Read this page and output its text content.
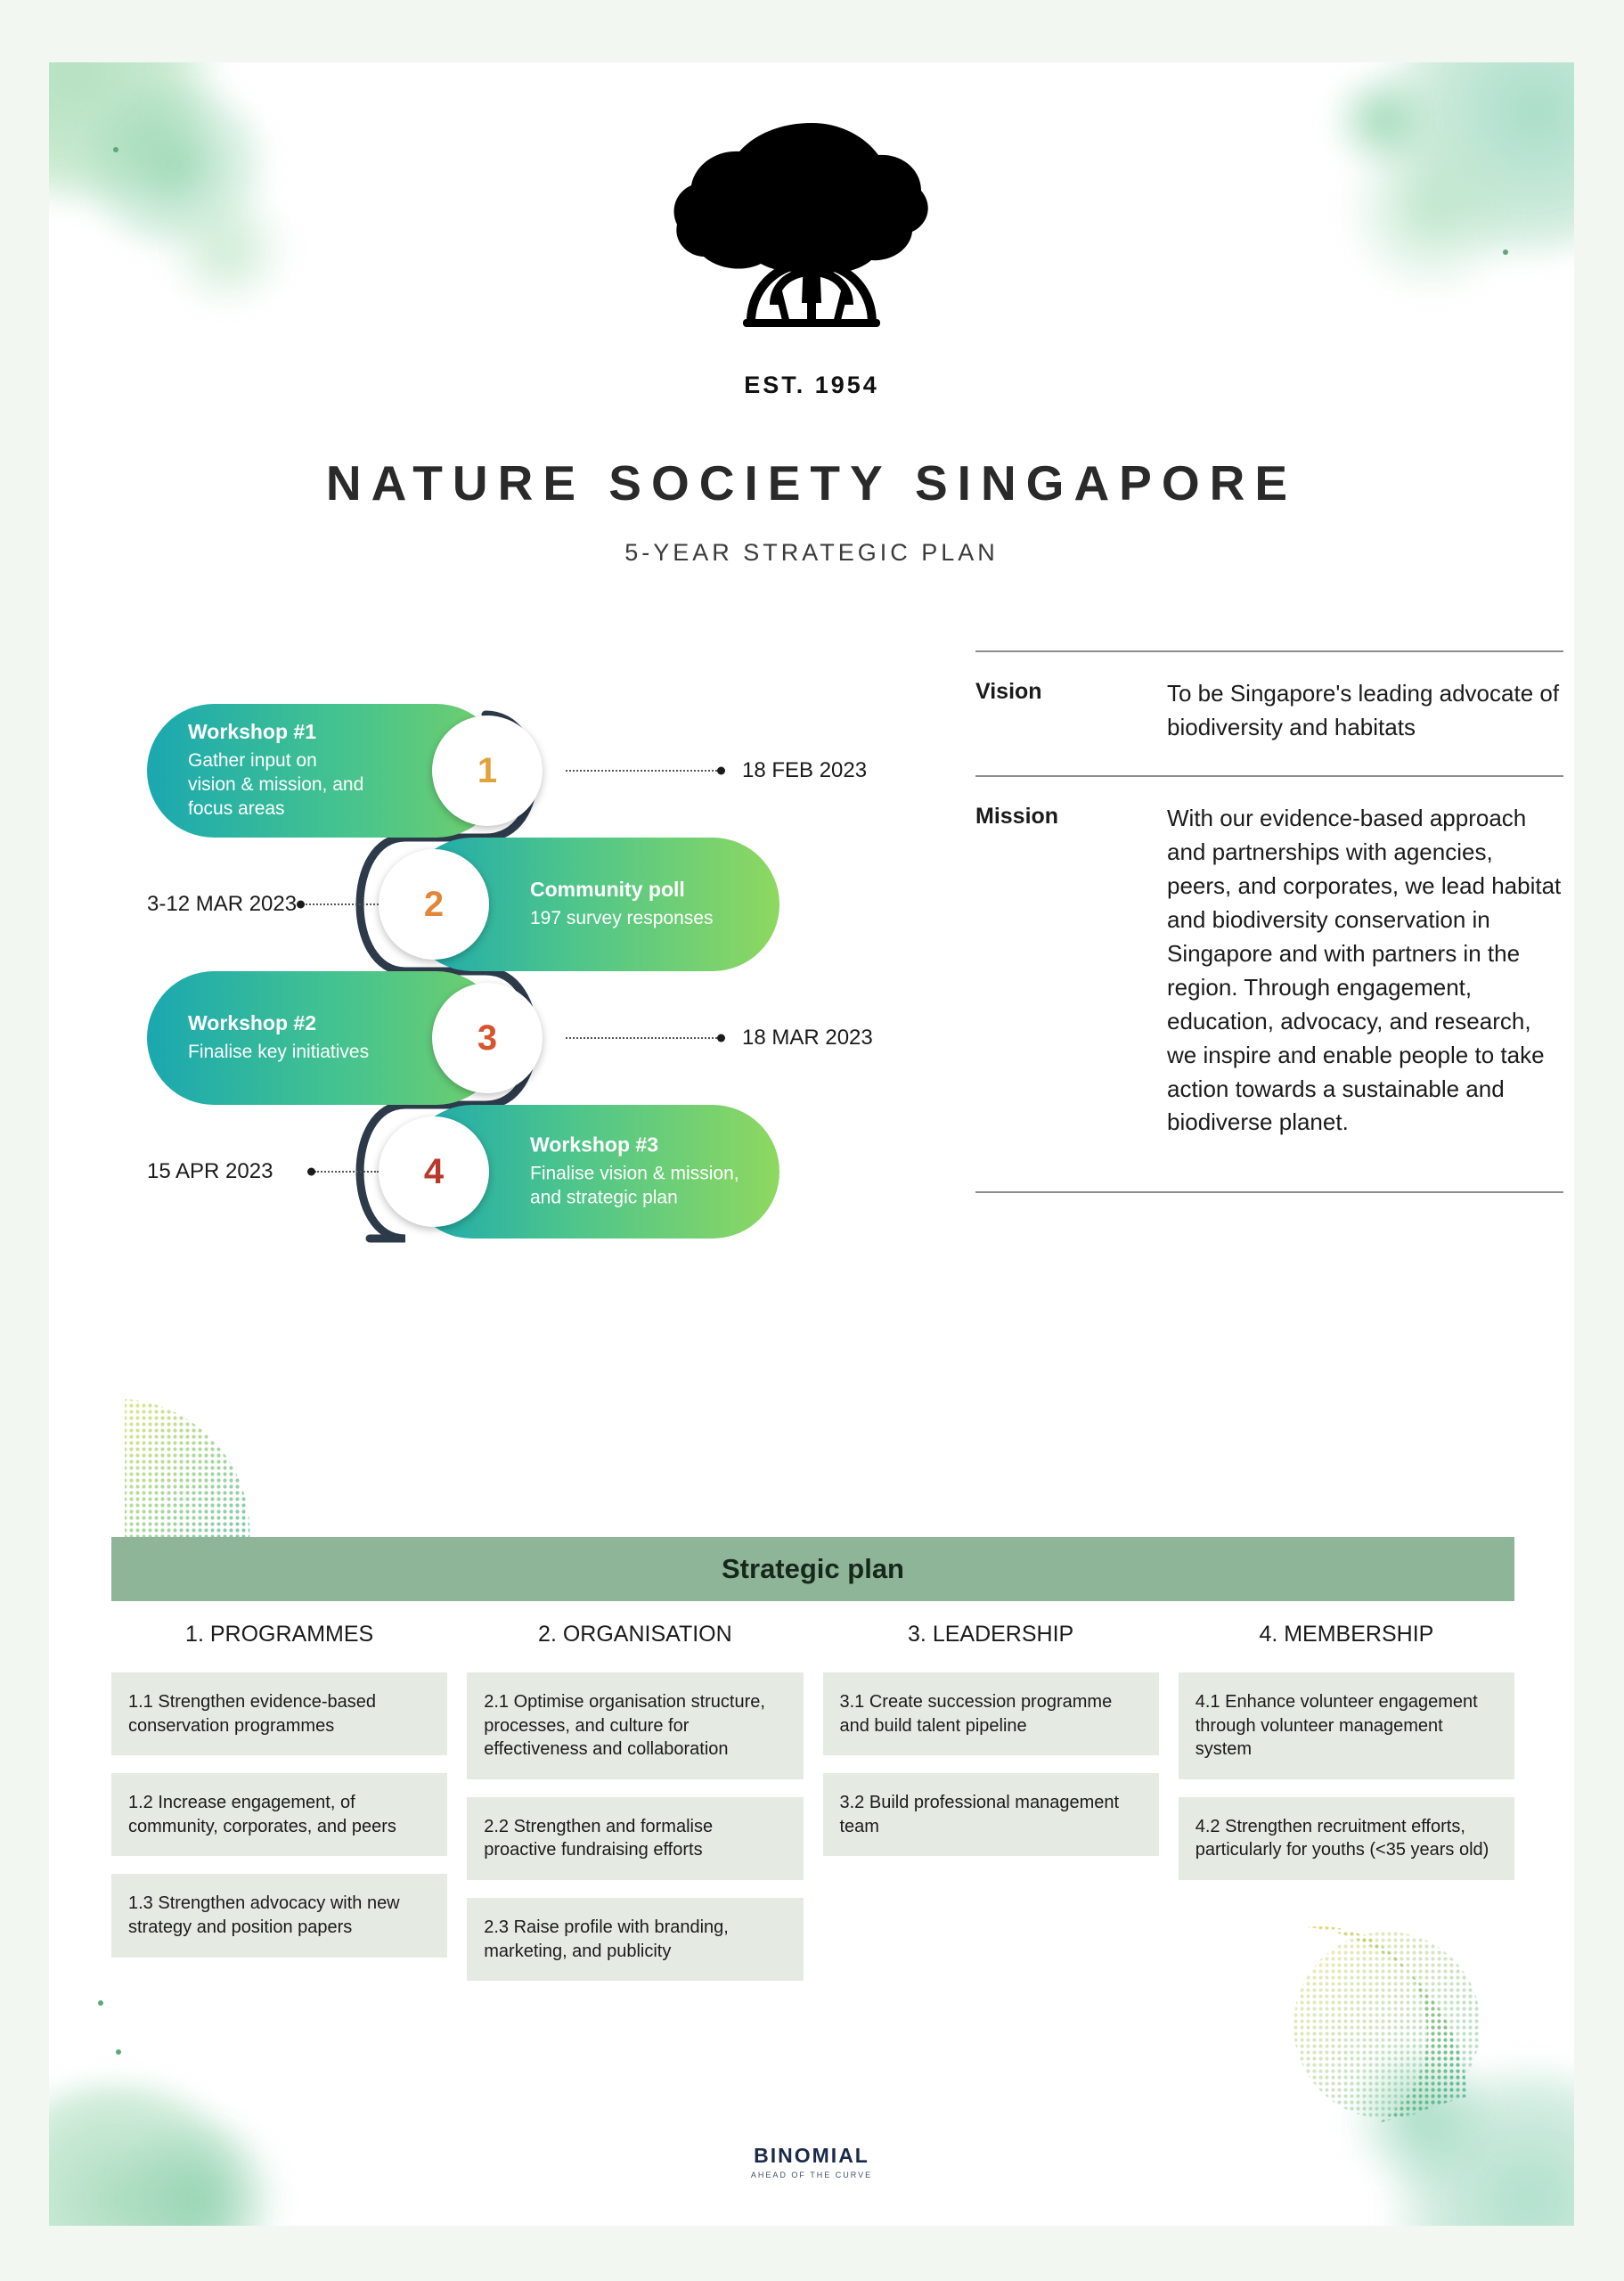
EST. 1954
NATURE SOCIETY SINGAPORE
5-YEAR STRATEGIC PLAN
Workshop #1
Gather input on vision & mission, and focus areas
1	18 FEB 2023
Community poll
197 survey responses
2
3-12 MAR 2023
Workshop #2
Finalise key initiatives	3	18 MAR 2023
Workshop #3
Finalise vision & mission, and strategic plan
4
15 APR 2023
Vision	To be Singapore's leading advocate of biodiversity and habitats
Mission	With our evidence-based approach and partnerships with agencies, peers, and corporates, we lead habitat and biodiversity conservation in Singapore and with partners in the region. Through engagement, education, advocacy, and research, we inspire and enable people to take action towards a sustainable and biodiverse planet.
Strategic plan
1. PROGRAMMES
1.1 Strengthen evidence-based conservation programmes
1.2 Increase engagement, of community, corporates, and peers
1.3 Strengthen advocacy with new strategy and position papers
2. ORGANISATION
2.1 Optimise organisation structure, processes, and culture for effectiveness and collaboration
2.2 Strengthen and formalise proactive fundraising efforts
2.3 Raise profile with branding, marketing, and publicity
3. LEADERSHIP
3.1 Create succession programme and build talent pipeline
3.2 Build professional management team
4. MEMBERSHIP
4.1 Enhance volunteer engagement through volunteer management system
4.2 Strengthen recruitment efforts, particularly for youths (<35 years old)
BINOMIAL
AHEAD OF THE CURVE
